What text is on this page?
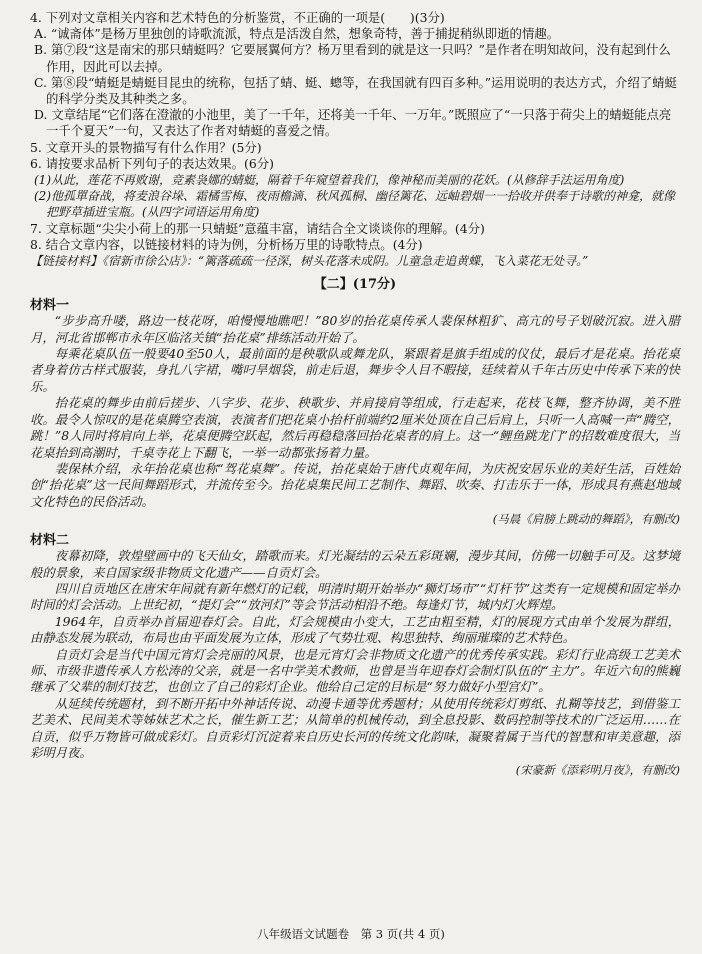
4. 下列对文章相关内容和艺术特色的分析鉴赏，不正确的一项是(　　)(3分)

A. “诚斋体”是杨万里独创的诗歌流派，特点是活泼自然，想象奇特，善于捕捉稍纵即逝的情趣。

B. 第⑦段“这是南宋的那只蜻蜓吗？它要展翼何方？杨万里看到的就是这一只吗？”是作者在明知故问，没有起到什么作用，因此可以去掉。

C. 第⑧段“蜻蜓是蜻蜓目昆虫的统称，包括了蜻、蜓、蟌等，在我国就有四百多种。”运用说明的表达方式，介绍了蜻蜓的科学分类及其种类之多。

D. 文章结尾“它们落在澄澈的小池里，美了一千年，还将美一千年、一万年。”既照应了“一只落于荷尖上的蜻蜓能点亮一千个夏天”一句，又表达了作者对蜻蜓的喜爱之情。

5. 文章开头的景物描写有什么作用？(5分)

6. 请按要求品析下列句子的表达效果。(6分)

(1)从此，莲花不再败谢，竞素袅娜的蜻蜓，隔着千年窥望着我们，像神秘而美丽的花妖。(从修辞手法运用角度)

(2)他孤單奋战，将麦浪谷垛、霜橘雪梅、夜雨檐滴、秋风孤桐、幽径篱花、远岫碧烟一一拾收并供奉于诗歌的神龛，就像把野草插进宝瓶。(从四字词语运用角度)

7. 文章标题“尖尖小荷上的那一只蜻蜓”意蕴丰富，请结合全文谈谈你的理解。(4分)

8. 结合文章内容，以链接材料的诗为例，分析杨万里的诗歌特点。(4分)

【链接材料】《宿新市徐公店》：“篱落疏疏一径深，树头花落未成阴。儿童急走追黄蝶，飞入菜花无处寻。”

【二】(17分)
材料一

“步步高升喽，路边一枝花呀，咱慢慢地瞧吧！”80岁的抬花桌传承人裴保林粗犷、高亢的号子划破沉寂。进入腊月，河北省邯郸市永年区临洺关镇“抬花桌”排练活动开始了。

每乘花桌队伍一般要40至50人，最前面的是秧歌队或舞龙队，紧跟着是旗手组成的仪仗，最后才是花桌。抬花桌者身着仿古样式服装，身扎八字裙，嘴叼旱烟袋，前走后退，舞步令人目不暇接，廷续着从千年古历史中传承下来的快乐。

抬花桌的舞步由前后搓步、八字步、花步、秧歌步、并肩接肩等组成，行走起来，花枝飞舞，整齐协调，美不胜收。最令人惊叹的是花桌腾空表演，表演者们把花桌小抬杆前端约2厘米处顶在自己后肩上，只听一人高喊一声“腾空，跳！”8人同时将肩向上举，花桌便腾空跃起，然后再稳稳落回抬花桌者的肩上。这一“鲤鱼跳龙门”的招数难度很大，当花桌抬到高潮时，千桌寺花上下翻飞，一举一动都张扬着力量。

裴保林介绍，永年抬花桌也称“驾花桌舞”。传说，抬花桌始于唐代贞观年间，为庆祝安居乐业的美好生活，百姓始创“抬花桌”这一民间舞蹈形式，并流传至今。抬花桌集民间工艺制作、舞蹈、吹奏、打击乐于一体，形成具有燕赵地域文化特色的民俗活动。

(马晨《肩膀上跳动的舞蹈》，有删改)
材料二

夜幕初降，敦煌壁画中的飞天仙女，踏歌而来。灯光凝结的云朵五彩斑斓，漫步其间，仿佛一切触手可及。这梦境般的景象，来自国家级非物质文化遗产——自贡灯会。

四川自贡地区在唐宋年间就有新年燃灯的记载，明清时期开始举办“狮灯场市”“灯杆节”这类有一定规模和固定举办时间的灯会活动。上世纪初，“提灯会”“放河灯”等会节活动相沿不绝。每逢灯节，城内灯火辉煌。

1964年，自贡举办首届迎春灯会。自此，灯会规模由小变大，工艺由粗至精，灯的展现方式由单个发展为群组，由静态发展为联动，布局也由平面发展为立体，形成了气势壮观、构思独特、绚丽璀璨的艺术特色。

自贡灯会是当代中国元宵灯会亮丽的风景，也是元宵灯会非物质文化遗产的优秀传承实践。彩灯行业高级工艺美术师、市级非遗传承人方松涛的父亲，就是一名中学美术教师，也曾是当年迎春灯会制灯队伍的“主力”。年近六旬的熊巍继承了父辈的制灯技艺，也创立了自己的彩灯企业。他给自己定的目标是“努力做好小型宫灯”。

从延续传统题材，到不断开拓中外神话传说、动漫卡通等优秀题材；从使用传统彩灯剪纸、扎糊等技艺，到借鉴工艺美术、民间美术等姊妹艺术之长，催生新工艺；从简单的机械传动，到全息投影、数码控制等技术的广泛运用……在自贡，似乎万物皆可做成彩灯。自贡彩灯沉淀着来自历史长河的传统文化韵味，凝聚着属于当代的智慧和审美意趣，添彩明月夜。

(宋豪新《添彩明月夜》，有删改)
八年级语文试题卷　第 3 页(共 4 页)
